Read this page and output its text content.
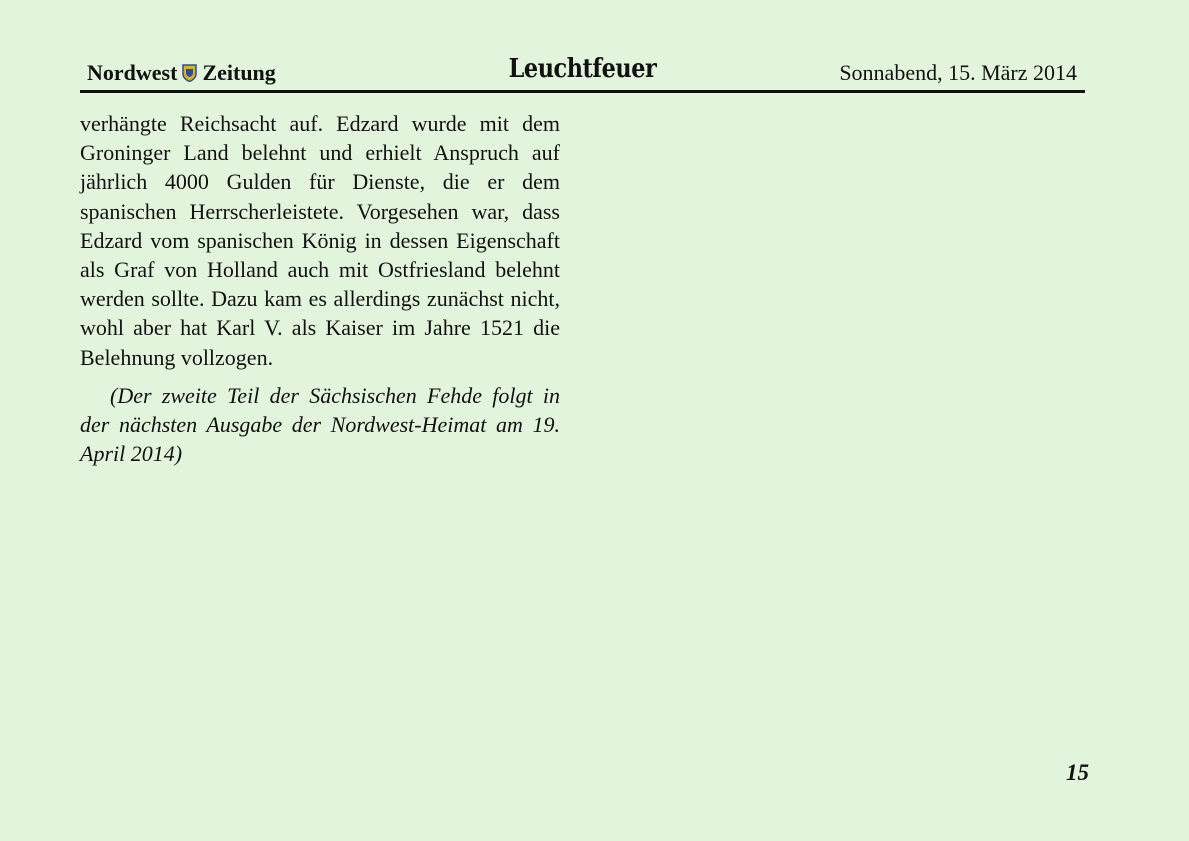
Nordwest Zeitung	Leuchtfeuer	Sonnabend, 15. März 2014

verhängte Reichsacht auf. Edzard wurde mit dem Groninger Land belehnt und erhielt Anspruch auf jährlich 4000 Gulden für Dienste, die er dem spanischen Herrscherleistete. Vorgesehen war, dass Edzard vom spanischen König in dessen Eigenschaft als Graf von Holland auch mit Ostfriesland belehnt werden sollte. Dazu kam es allerdings zunächst nicht, wohl aber hat Karl V. als Kaiser im Jahre 1521 die Belehnung vollzogen.

(Der zweite Teil der Sächsischen Fehde folgt in der nächsten Ausgabe der Nordwest-Heimat am 19. April 2014)

15
